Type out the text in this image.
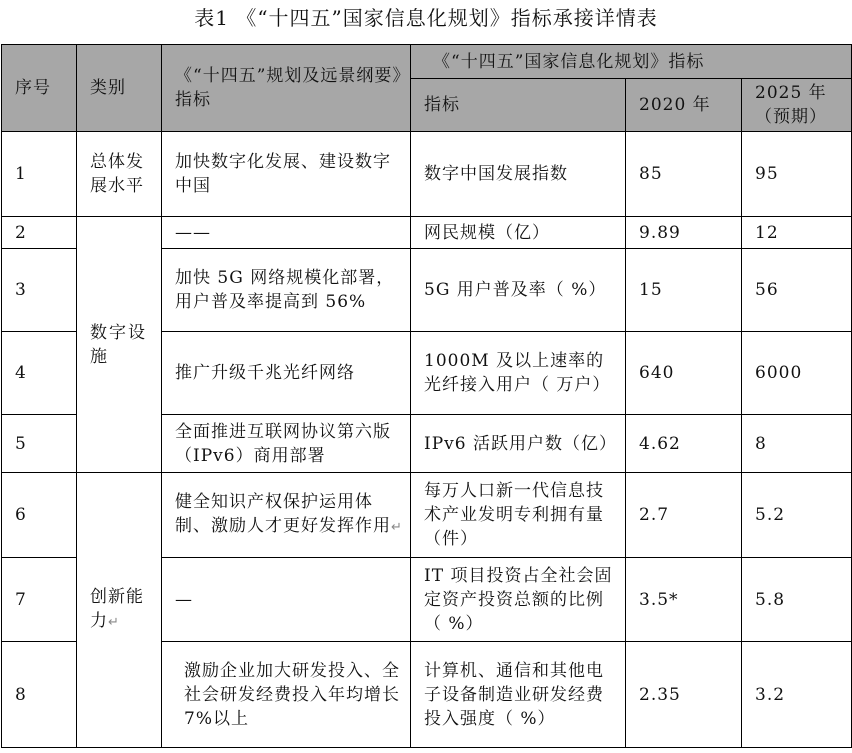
表1 《“十四五”国家信息化规划》指标承接详情表
序号	类别	《“十四五”规划及远景纲要》指标	《“十四五”国家信息化规划》指标		
			指标	2020 年	2025 年
（预期）
1	总体发展水平	加快数字化发展、建设数字中国	数字中国发展指数	85	95
2	数字设施	——	网民规模（亿）	9.89	12
3		加快 5G 网络规模化部署，用户普及率提高到 56%	5G 用户普及率（ %）	15	56
4		推广升级千兆光纤网络	1000M 及以上速率的光纤接入用户（ 万户）	640	6000
5		全面推进互联网协议第六版（IPv6）商用部署	IPv6 活跃用户数（亿）	4.62	8
6	创新能力↵	健全知识产权保护运用体制、激励人才更好发挥作用↵	每万人口新一代信息技术产业发明专利拥有量（件）	2.7	5.2
7		—	IT 项目投资占全社会固定资产投资总额的比例（ %）	3.5*	5.8
8		激励企业加大研发投入、全社会研发经费投入年均增长 7%以上	计算机、通信和其他电子设备制造业研发经费投入强度（ %）	2.35	3.2
